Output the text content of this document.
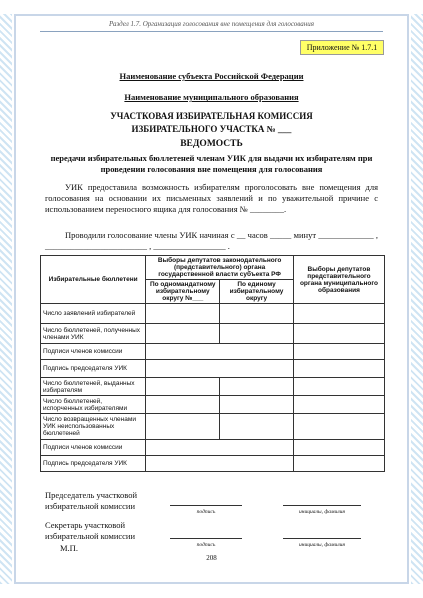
Раздел 1.7. Организация голосования вне помещения для голосования
Приложение № 1.7.1
Наименование субъекта Российской Федерации
Наименование муниципального образования
УЧАСТКОВАЯ ИЗБИРАТЕЛЬНАЯ КОМИССИЯ
ИЗБИРАТЕЛЬНОГО УЧАСТКА № ___
ВЕДОМОСТЬ
передачи избирательных бюллетеней членам УИК для выдачи их избирателям при проведении голосования вне помещения для голосования
УИК предоставила возможность избирателям проголосовать вне помещения для голосования на основании их письменных заявлений и по уважительной причине с использованием переносного ящика для голосования № ________.
Проводили голосование члены УИК начиная с __ часов _____ минут _____________ , ________________________ , _________________ .
Избирательные бюллетени	Выборы депутатов законодательного (представительного) органа государственной власти субъекта РФ		Выборы депутатов представительного органа муниципального образования
	По одномандатному избирательному округу №___	По единому избирательному округу	
Число заявлений избирателей			
Число бюллетеней, полученных членами УИК			
Подписи членов комиссии			
Подпись председателя УИК			
Число бюллетеней, выданных избирателям			
Число бюллетеней, испорченных избирателями			
Число возвращенных членами УИК неиспользованных бюллетеней			
Подписи членов комиссии			
Подпись председателя УИК			
Председатель участковой избирательной комиссии
подпись	инициалы, фамилия
Секретарь участковой избирательной комиссии
М.П.	подпись	инициалы, фамилия
208
